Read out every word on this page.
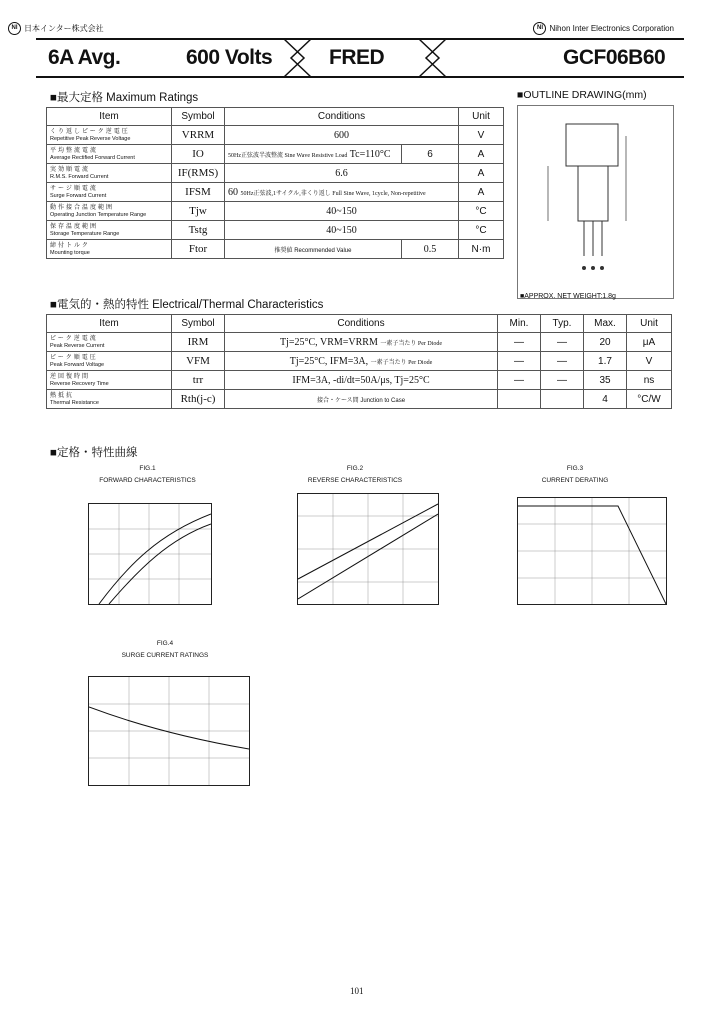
NI 日本インター株式会社	NI Nihon Inter Electronics Corporation
6A Avg.	600 Volts	FRED	GCF06B60
■最大定格 Maximum Ratings
Item	Symbol	Conditions		Unit

くり返しピーク逆電圧
Repetitive Peak Reverse Voltage	VRRM	600		V

平均整流電流
Average Rectified Forward Current	IO	50Hz正弦波半波整流 Sine Wave Resistive Load Tc=110°C	6	A

実効順電流
R.M.S. Forward Current	IF(RMS)	6.6		A

サージ順電流
Surge Forward Current	IFSM	60 50Hz正弦波,1サイクル,非くり返し Full Sine Wave, 1cycle, Non-repetitive		A

動作接合温度範囲
Operating Junction Temperature Range	Tjw	40~150		°C

保存温度範囲
Storage Temperature Range	Tstg	40~150		°C

締付トルク
Mounting torque	Ftor	推奨値 Recommended Value	0.5	N·m
■OUTLINE DRAWING(mm)
■APPROX. NET WEIGHT:1.8g
■電気的・熱的特性 Electrical/Thermal Characteristics
Item	Symbol	Conditions	Min.	Typ.	Max.	Unit

ピーク逆電流
Peak Reverse Current	IRM	Tj=25°C, VRM=VRRM 一素子当たり Per Diode	—	—	20	μA

ピーク順電圧
Peak Forward Voltage	VFM	Tj=25°C, IFM=3A, 一素子当たり Per Diode	—	—	1.7	V

逆回復時間
Reverse Recovery Time	trr	IFM=3A, -di/dt=50A/μs, Tj=25°C	—	—	35	ns

熱抵抗
Thermal Resistance	Rth(j-c)	接合・ケース間 Junction to Case			4	°C/W
■定格・特性曲線
FIG.1
FORWARD CHARACTERISTICS
FIG.2
REVERSE CHARACTERISTICS
FIG.3
CURRENT DERATING
FIG.4
SURGE CURRENT RATINGS
101
